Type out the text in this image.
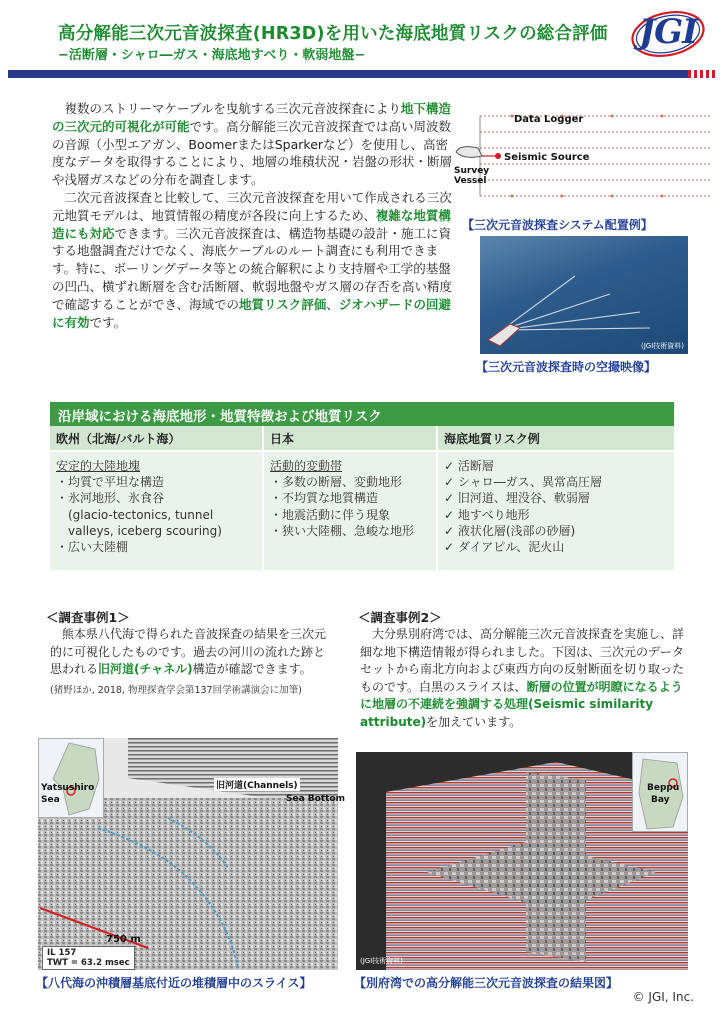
高分解能三次元音波探査(HR3D)を用いた海底地質リスクの総合評価
−活断層・シャロ―ガス・海底地すべり・軟弱地盤−
JGI

複数のストリーマケーブルを曳航する三次元音波探査により地下構造の三次元的可視化が可能です。高分解能三次元音波探査では高い周波数の音源（小型エアガン、BoomerまたはSparkerなど）を使用し、高密度なデータを取得することにより、地層の堆積状況・岩盤の形状・断層や浅層ガスなどの分布を調査します。

二次元音波探査と比較して、三次元音波探査を用いて作成される三次元地質モデルは、地質情報の精度が各段に向上するため、複雑な地質構造にも対応できます。三次元音波探査は、構造物基礎の設計・施工に資する地盤調査だけでなく、海底ケーブルのルート調査にも利用できます。特に、ボーリングデータ等との統合解釈により支持層や工学的基盤の凹凸、横ずれ断層を含む活断層、軟弱地盤やガス層の存否を高い精度で確認することができ、海域での地質リスク評価、ジオハザードの回避に有効です。

Data Logger
Seismic Source
Survey
Vessel
【三次元音波探査システム配置例】
(JGI技術資料)
【三次元音波探査時の空撮映像】
沿岸域における海底地形・地質特徴および地質リスク
欧州（北海/バルト海）	日本	海底地質リスク例
安定的大陸地塊
・均質で平坦な構造
・氷河地形、氷食谷
(glacio-tectonics, tunnel valleys, iceberg scouring)
・広い大陸棚
活動的変動帯
・多数の断層、変動地形
・不均質な地質構造
・地震活動に伴う現象
・狭い大陸棚、急峻な地形
✓ 活断層
✓ シャロ―ガス、異常高圧層
✓ 旧河道、埋没谷、軟弱層
✓ 地すべり地形
✓ 液状化層(浅部の砂層)
✓ ダイアピル、泥火山
＜調査事例1＞
熊本県八代海で得られた音波探査の結果を三次元的に可視化したものです。過去の河川の流れた跡と思われる旧河道(チャネル)構造が確認できます。
(猪野ほか, 2018, 物理探査学会第137回学術講演会に加筆)
＜調査事例2＞
大分県別府湾では、高分解能三次元音波探査を実施し、詳細な地下構造情報が得られました。下図は、三次元のデータセットから南北方向および東西方向の反射断面を切り取ったものです。白黒のスライスは、断層の位置が明瞭になるように地層の不連続を強調する処理(Seismic similarity attribute)を加えています。
Yatsushiro
Sea
旧河道(Channels)
Sea Bottom
750 m
IL 157
TWT = 63.2 msec
【八代海の沖積層基底付近の堆積層中のスライス】
Beppu
Bay
(JGI技術資料)
【別府湾での高分解能三次元音波探査の結果図】
© JGI, Inc.
